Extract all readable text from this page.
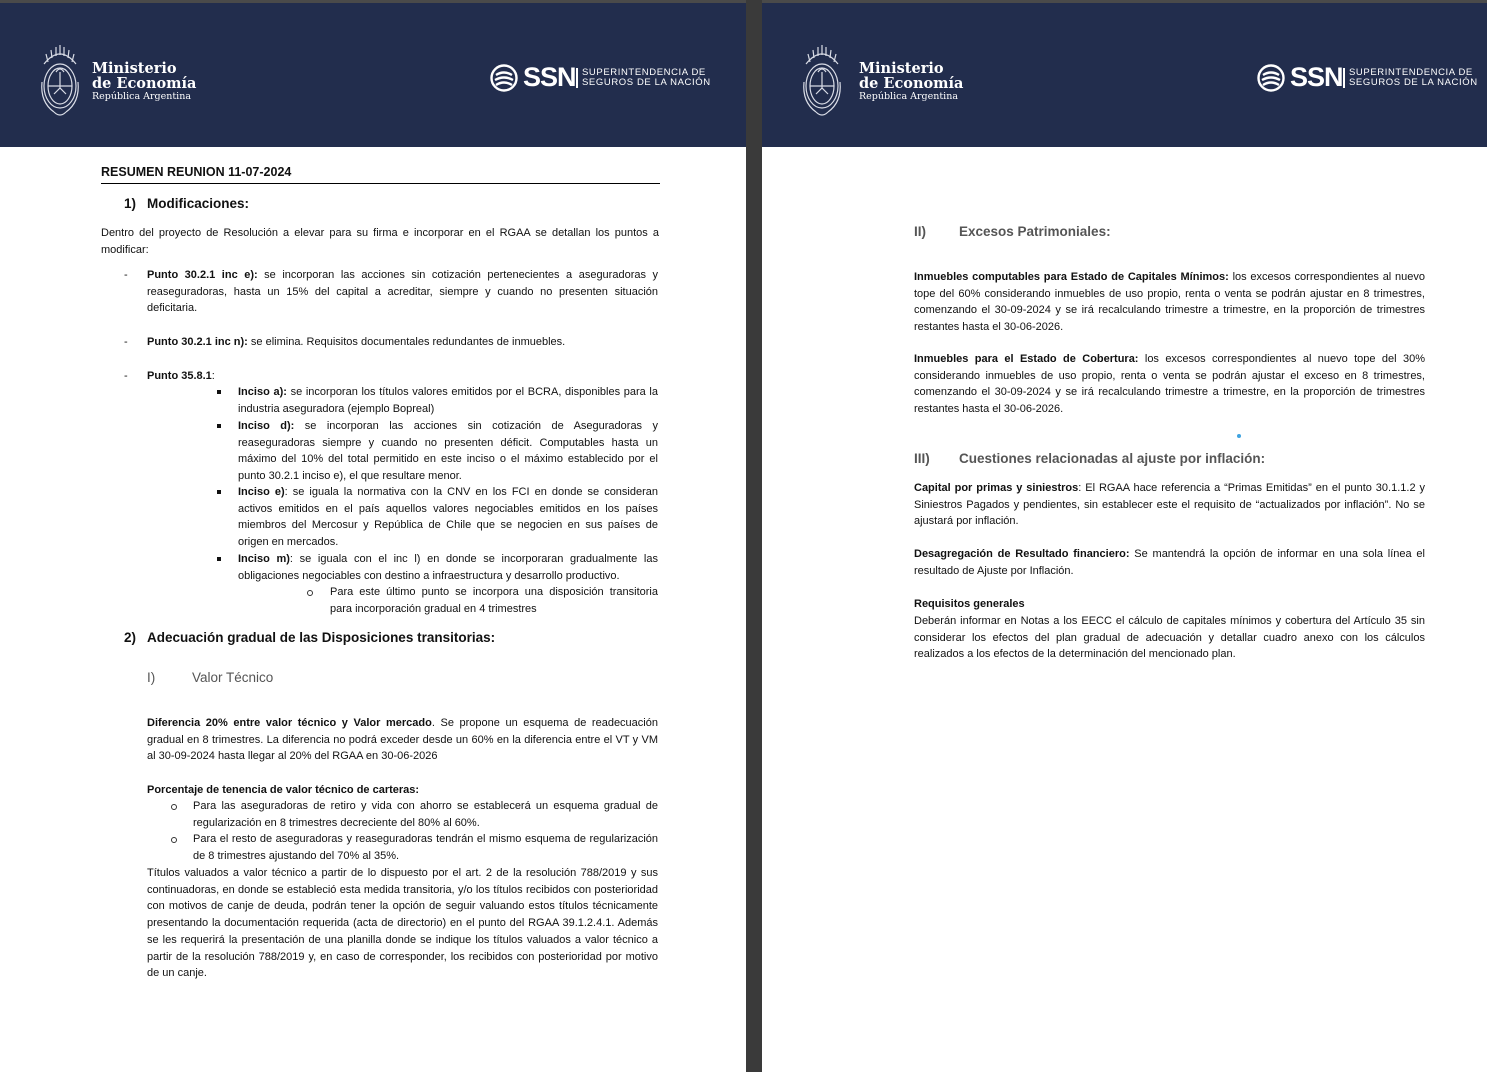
Ministerio
de Economía
República Argentina
SSN SUPERINTENDENCIA DE
SEGUROS DE LA NACIÓN
RESUMEN REUNION 11-07-2024
1) Modificaciones:

Dentro del proyecto de Resolución a elevar para su firma e incorporar en el RGAA se detallan los puntos a modificar:

- Punto 30.2.1 inc e): se incorporan las acciones sin cotización pertenecientes a aseguradoras y reaseguradoras, hasta un 15% del capital a acreditar, siempre y cuando no presenten situación deficitaria.

- Punto 30.2.1 inc n): se elimina. Requisitos documentales redundantes de inmuebles.

- Punto 35.8.1:

Inciso a): se incorporan los títulos valores emitidos por el BCRA, disponibles para la industria aseguradora (ejemplo Bopreal)

Inciso d): se incorporan las acciones sin cotización de Aseguradoras y reaseguradoras siempre y cuando no presenten déficit. Computables hasta un máximo del 10% del total permitido en este inciso o el máximo establecido por el punto 30.2.1 inciso e), el que resultare menor.

Inciso e): se iguala la normativa con la CNV en los FCI en donde se consideran activos emitidos en el país aquellos valores negociables emitidos en los países miembros del Mercosur y República de Chile que se negocien en sus países de origen en mercados.

Inciso m): se iguala con el inc l) en donde se incorporaran gradualmente las obligaciones negociables con destino a infraestructura y desarrollo productivo.

Para este último punto se incorpora una disposición transitoria para incorporación gradual en 4 trimestres

2) Adecuación gradual de las Disposiciones transitorias:
I)	Valor Técnico

Diferencia 20% entre valor técnico y Valor mercado. Se propone un esquema de readecuación gradual en 8 trimestres. La diferencia no podrá exceder desde un 60% en la diferencia entre el VT y VM al 30-09-2024 hasta llegar al 20% del RGAA en 30-06-2026

Porcentaje de tenencia de valor técnico de carteras:

Para las aseguradoras de retiro y vida con ahorro se establecerá un esquema gradual de regularización en 8 trimestres decreciente del 80% al 60%.

Para el resto de aseguradoras y reaseguradoras tendrán el mismo esquema de regularización de 8 trimestres ajustando del 70% al 35%.

Títulos valuados a valor técnico a partir de lo dispuesto por el art. 2 de la resolución 788/2019 y sus continuadoras, en donde se estableció esta medida transitoria, y/o los títulos recibidos con posterioridad con motivos de canje de deuda, podrán tener la opción de seguir valuando estos títulos técnicamente presentando la documentación requerida (acta de directorio) en el punto del RGAA 39.1.2.4.1. Además se les requerirá la presentación de una planilla donde se indique los títulos valuados a valor técnico a partir de la resolución 788/2019 y, en caso de corresponder, los recibidos con posterioridad por motivo de un canje.

Ministerio
de Economía
República Argentina
SSN SUPERINTENDENCIA DE
SEGUROS DE LA NACIÓN
II) Excesos Patrimoniales:

Inmuebles computables para Estado de Capitales Mínimos: los excesos correspondientes al nuevo tope del 60% considerando inmuebles de uso propio, renta o venta se podrán ajustar en 8 trimestres, comenzando el 30-09-2024 y se irá recalculando trimestre a trimestre, en la proporción de trimestres restantes hasta el 30-06-2026.

Inmuebles para el Estado de Cobertura: los excesos correspondientes al nuevo tope del 30% considerando inmuebles de uso propio, renta o venta se podrán ajustar el exceso en 8 trimestres, comenzando el 30-09-2024 y se irá recalculando trimestre a trimestre, en la proporción de trimestres restantes hasta el 30-06-2026.

III) Cuestiones relacionadas al ajuste por inflación:

Capital por primas y siniestros: El RGAA hace referencia a “Primas Emitidas” en el punto 30.1.1.2 y Siniestros Pagados y pendientes, sin establecer este el requisito de “actualizados por inflación”. No se ajustará por inflación.

Desagregación de Resultado financiero: Se mantendrá la opción de informar en una sola línea el resultado de Ajuste por Inflación.

Requisitos generales

Deberán informar en Notas a los EECC el cálculo de capitales mínimos y cobertura del Artículo 35 sin considerar los efectos del plan gradual de adecuación y detallar cuadro anexo con los cálculos realizados a los efectos de la determinación del mencionado plan.
